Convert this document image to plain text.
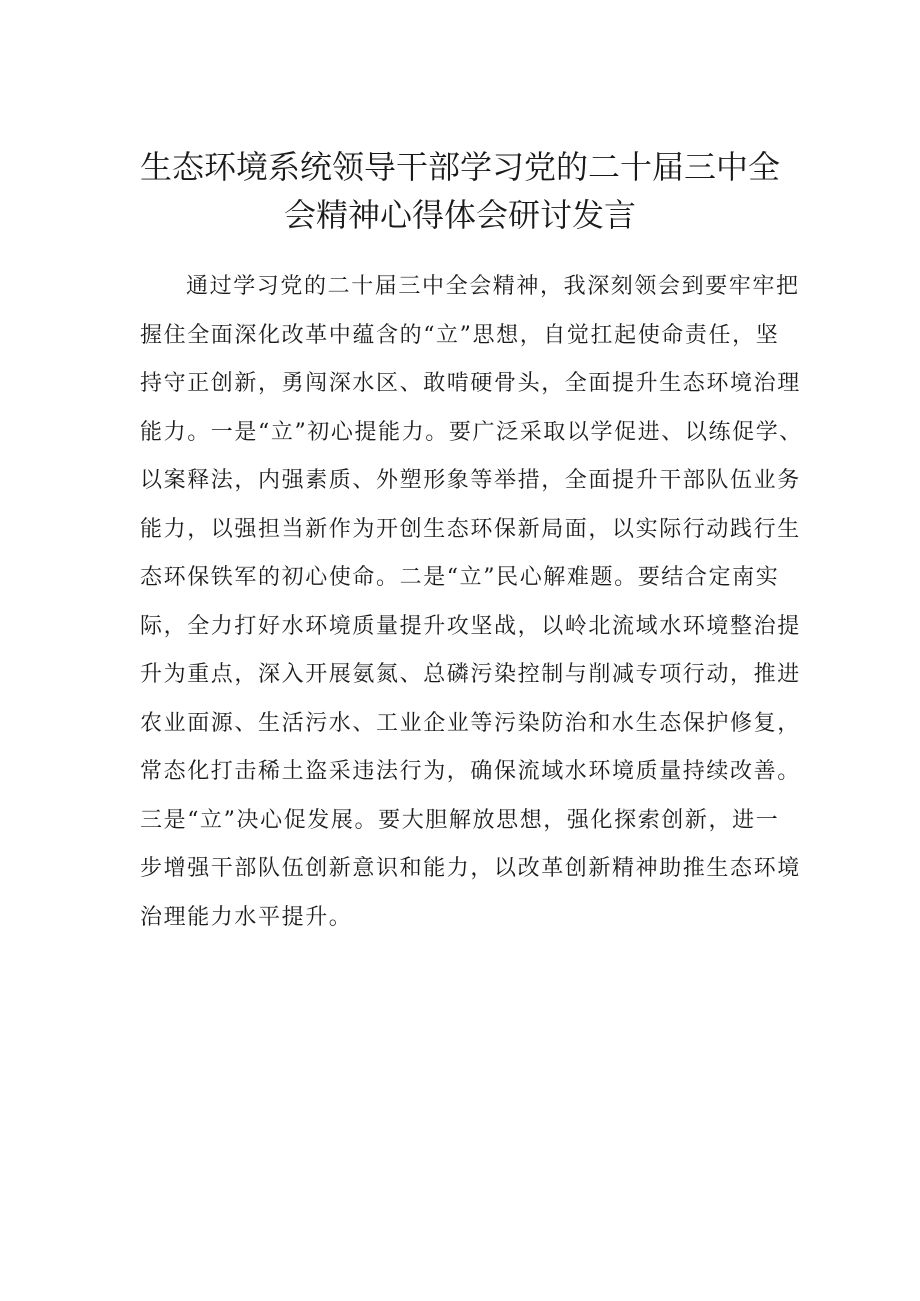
生态环境系统领导干部学习党的二十届三中全
会精神心得体会研讨发言
通过学习党的二十届三中全会精神，我深刻领会到要牢牢把
握住全面深化改革中蕴含的“立”思想，自觉扛起使命责任，坚
持守正创新，勇闯深水区、敢啃硬骨头，全面提升生态环境治理
能力。一是“立”初心提能力。要广泛采取以学促进、以练促学、
以案释法，内强素质、外塑形象等举措，全面提升干部队伍业务
能力，以强担当新作为开创生态环保新局面，以实际行动践行生
态环保铁军的初心使命。二是“立”民心解难题。要结合定南实
际，全力打好水环境质量提升攻坚战，以岭北流域水环境整治提
升为重点，深入开展氨氮、总磷污染控制与削减专项行动，推进
农业面源、生活污水、工业企业等污染防治和水生态保护修复，
常态化打击稀土盗采违法行为，确保流域水环境质量持续改善。
三是“立”决心促发展。要大胆解放思想，强化探索创新，进一
步增强干部队伍创新意识和能力，以改革创新精神助推生态环境
治理能力水平提升。
